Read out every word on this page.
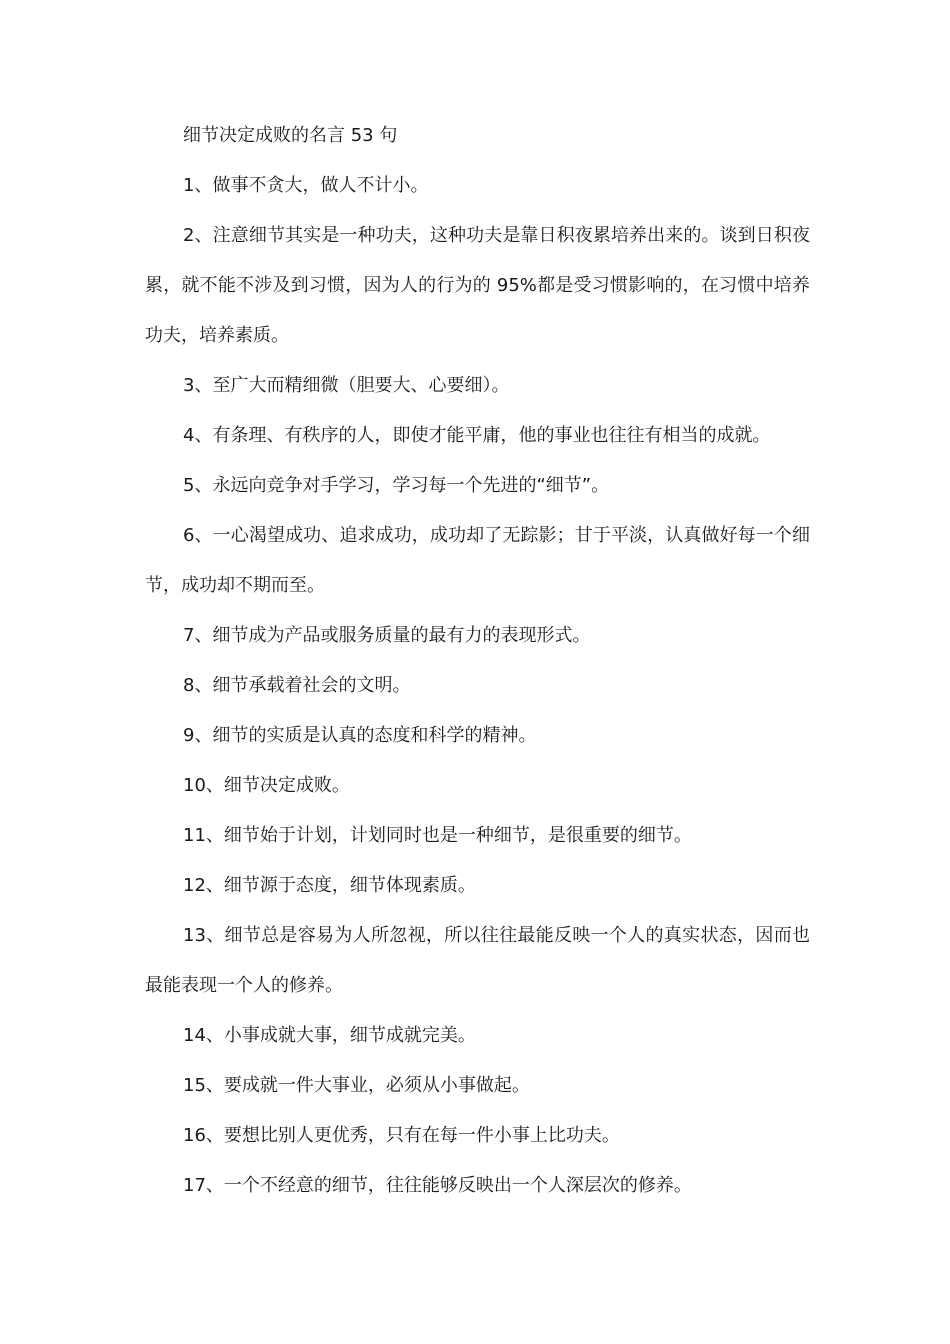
细节决定成败的名言 53 句

1、做事不贪大，做人不计小。

2、注意细节其实是一种功夫，这种功夫是靠日积夜累培养出来的。谈到日积夜累，就不能不涉及到习惯，因为人的行为的 95%都是受习惯影响的，在习惯中培养功夫，培养素质。

3、至广大而精细微（胆要大、心要细）。

4、有条理、有秩序的人，即使才能平庸，他的事业也往往有相当的成就。

5、永远向竞争对手学习，学习每一个先进的“细节”。

6、一心渴望成功、追求成功，成功却了无踪影；甘于平淡，认真做好每一个细节，成功却不期而至。

7、细节成为产品或服务质量的最有力的表现形式。

8、细节承载着社会的文明。

9、细节的实质是认真的态度和科学的精神。

10、细节决定成败。

11、细节始于计划，计划同时也是一种细节，是很重要的细节。

12、细节源于态度，细节体现素质。

13、细节总是容易为人所忽视，所以往往最能反映一个人的真实状态，因而也最能表现一个人的修养。

14、小事成就大事，细节成就完美。

15、要成就一件大事业，必须从小事做起。

16、要想比别人更优秀，只有在每一件小事上比功夫。

17、一个不经意的细节，往往能够反映出一个人深层次的修养。
